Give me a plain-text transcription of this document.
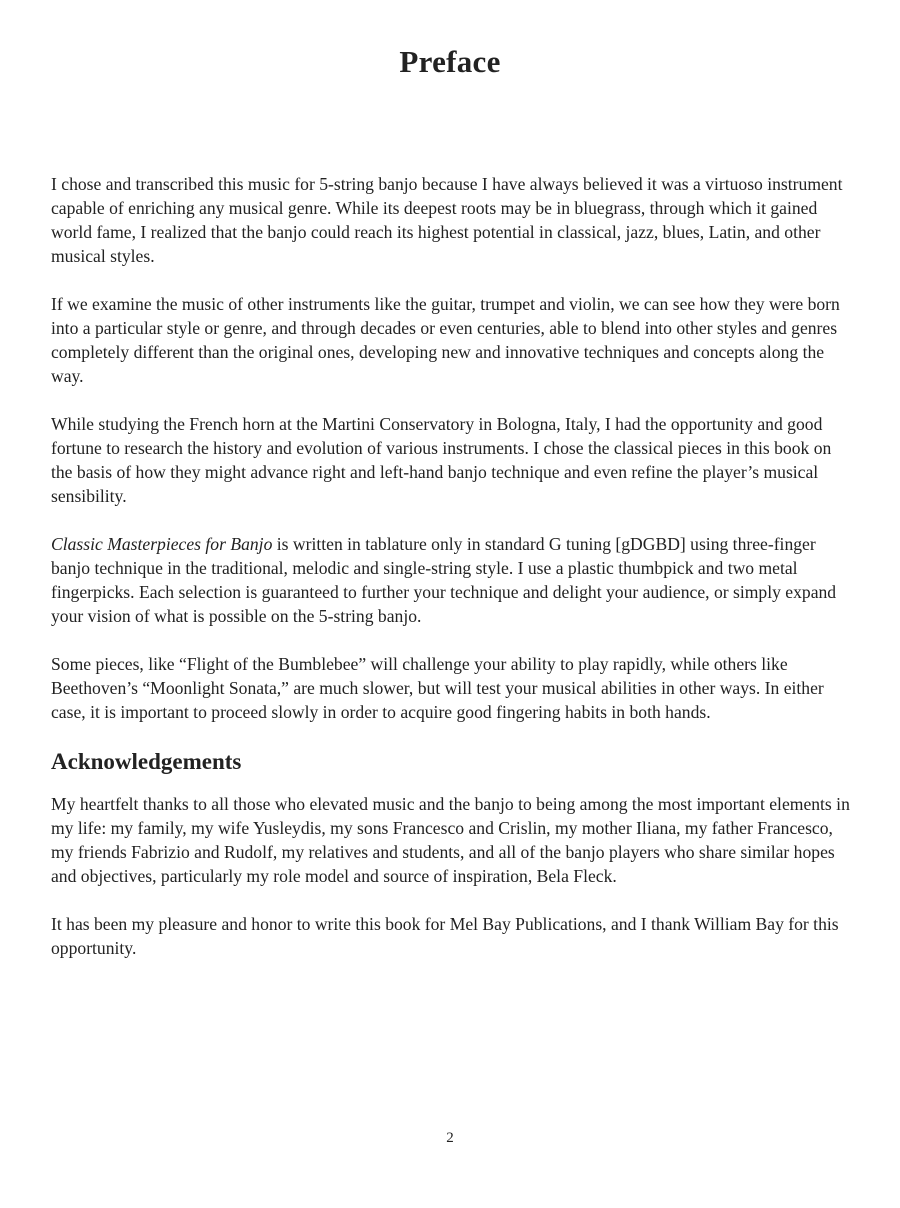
Preface

I chose and transcribed this music for 5-string banjo because I have always believed it was a virtuoso instrument capable of enriching any musical genre. While its deepest roots may be in bluegrass, through which it gained world fame, I realized that the banjo could reach its highest potential in classical, jazz, blues, Latin, and other musical styles.

If we examine the music of other instruments like the guitar, trumpet and violin, we can see how they were born into a particular style or genre, and through decades or even centuries, able to blend into other styles and genres completely different than the original ones, developing new and innovative techniques and concepts along the way.

While studying the French horn at the Martini Conservatory in Bologna, Italy, I had the opportunity and good fortune to research the history and evolution of various instruments. I chose the classical pieces in this book on the basis of how they might advance right and left-hand banjo technique and even refine the player’s musical sensibility.

Classic Masterpieces for Banjo is written in tablature only in standard G tuning [gDGBD] using three-finger banjo technique in the traditional, melodic and single-string style. I use a plastic thumbpick and two metal fingerpicks. Each selection is guaranteed to further your technique and delight your audience, or simply expand your vision of what is possible on the 5-string banjo.

Some pieces, like “Flight of the Bumblebee” will challenge your ability to play rapidly, while others like Beethoven’s “Moonlight Sonata,” are much slower, but will test your musical abilities in other ways. In either case, it is important to proceed slowly in order to acquire good fingering habits in both hands.

Acknowledgements

My heartfelt thanks to all those who elevated music and the banjo to being among the most important elements in my life: my family, my wife Yusleydis, my sons Francesco and Crislin, my mother Iliana, my father Francesco, my friends Fabrizio and Rudolf, my relatives and students, and all of the banjo players who share similar hopes and objectives, particularly my role model and source of inspiration, Bela Fleck.

It has been my pleasure and honor to write this book for Mel Bay Publications, and I thank William Bay for this opportunity.

2
